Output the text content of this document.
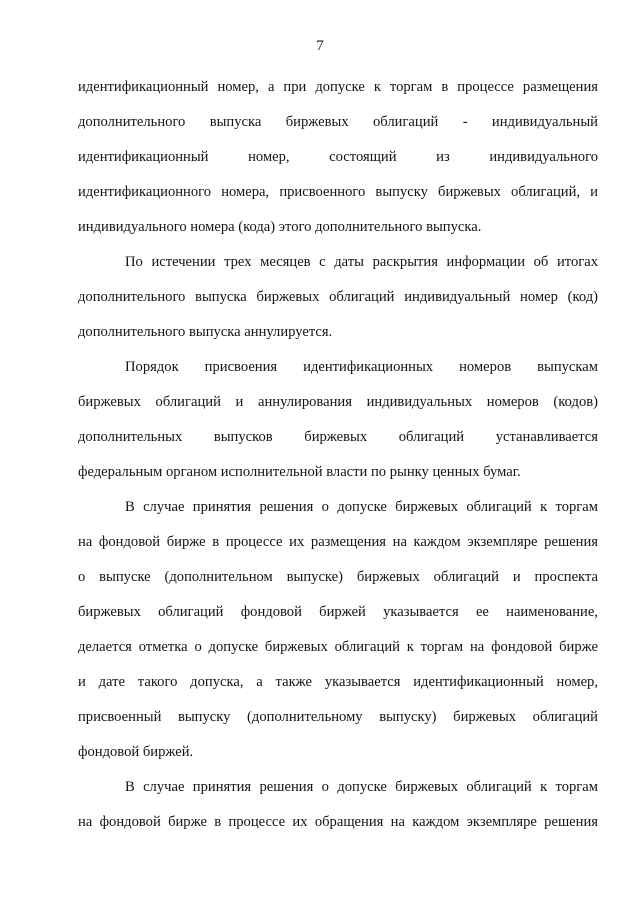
7
идентификационный номер, а при допуске к торгам в процессе размещения
дополнительного выпуска биржевых облигаций - индивидуальный
идентификационный номер, состоящий из индивидуального
идентификационного номера, присвоенного выпуску биржевых облигаций, и
индивидуального номера (кода) этого дополнительного выпуска.
По истечении трех месяцев с даты раскрытия информации об итогах
дополнительного выпуска биржевых облигаций индивидуальный номер (код)
дополнительного выпуска аннулируется.
Порядок присвоения идентификационных номеров выпускам
биржевых облигаций и аннулирования индивидуальных номеров (кодов)
дополнительных выпусков биржевых облигаций устанавливается
федеральным органом исполнительной власти по рынку ценных бумаг.
В случае принятия решения о допуске биржевых облигаций к торгам
на фондовой бирже в процессе их размещения на каждом экземпляре решения
о выпуске (дополнительном выпуске) биржевых облигаций и проспекта
биржевых облигаций фондовой биржей указывается ее наименование,
делается отметка о допуске биржевых облигаций к торгам на фондовой бирже
и дате такого допуска, а также указывается идентификационный номер,
присвоенный выпуску (дополнительному выпуску) биржевых облигаций
фондовой биржей.
В случае принятия решения о допуске биржевых облигаций к торгам
на фондовой бирже в процессе их обращения на каждом экземпляре решения
